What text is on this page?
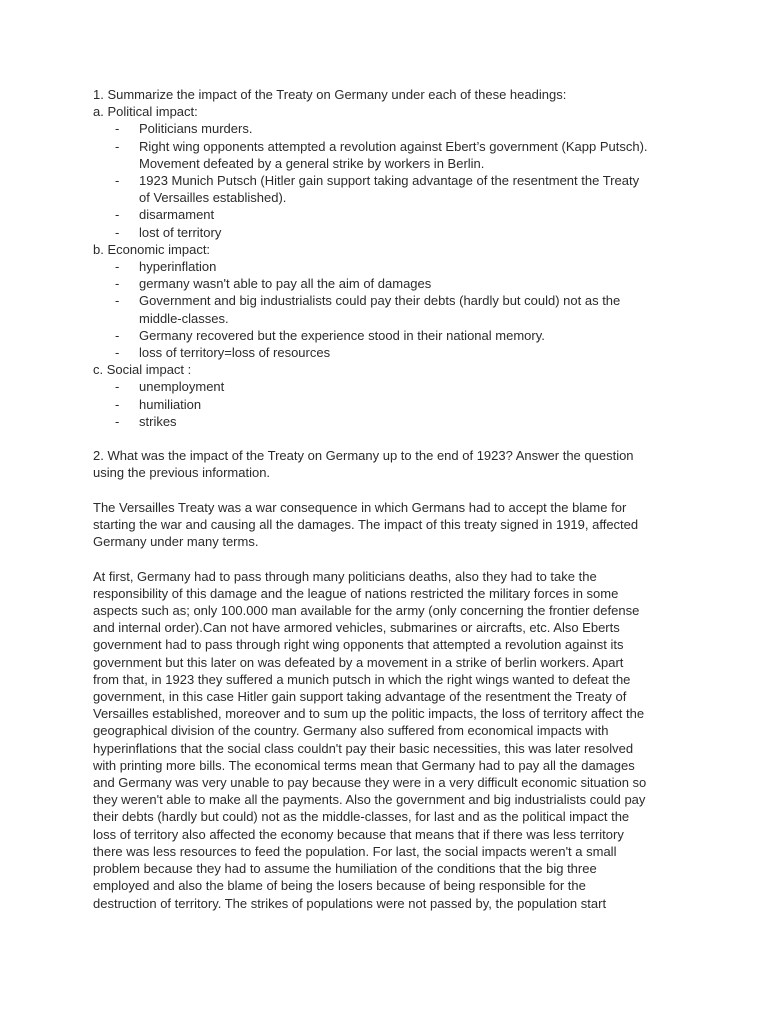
1. Summarize the impact of the Treaty on Germany under each of these headings:

a. Political impact:

- Politicians murders.
- Right wing opponents attempted a revolution against Ebert’s government (Kapp Putsch).
Movement defeated by a general strike by workers in Berlin.
- 1923 Munich Putsch (Hitler gain support taking advantage of the resentment the Treaty
of Versailles established).
- disarmament
- lost of territory

b. Economic impact:

- hyperinflation
- germany wasn't able to pay all the aim of damages
- Government and big industrialists could pay their debts (hardly but could) not as the
middle-classes.
- Germany recovered but the experience stood in their national memory.
- loss of territory=loss of resources

c. Social impact :

- unemployment
- humiliation
- strikes

2. What was the impact of the Treaty on Germany up to the end of 1923? Answer the question

using the previous information.

The Versailles Treaty was a war consequence in which Germans had to accept the blame for

starting the war and causing all the damages. The impact of this treaty signed in 1919, affected

Germany under many terms.

At first, Germany had to pass through many politicians deaths, also they had to take the

responsibility of this damage and the league of nations restricted the military forces in some

aspects such as; only 100.000 man available for the army (only concerning the frontier defense

and internal order).Can not have armored vehicles, submarines or aircrafts, etc. Also Eberts

government had to pass through right wing opponents that attempted a revolution against its

government but this later on was defeated by a movement in a strike of berlin workers. Apart

from that, in 1923 they suffered a munich putsch in which the right wings wanted to defeat the

government, in this case Hitler gain support taking advantage of the resentment the Treaty of

Versailles established, moreover and to sum up the politic impacts, the loss of territory affect the

geographical division of the country. Germany also suffered from economical impacts with

hyperinflations that the social class couldn't pay their basic necessities, this was later resolved

with printing more bills. The economical terms mean that Germany had to pay all the damages

and Germany was very unable to pay because they were in a very difficult economic situation so

they weren't able to make all the payments. Also the government and big industrialists could pay

their debts (hardly but could) not as the middle-classes, for last and as the political impact the

loss of territory also affected the economy because that means that if there was less territory

there was less resources to feed the population. For last, the social impacts weren't a small

problem because they had to assume the humiliation of the conditions that the big three

employed and also the blame of being the losers because of being responsible for the

destruction of territory. The strikes of populations were not passed by, the population start
